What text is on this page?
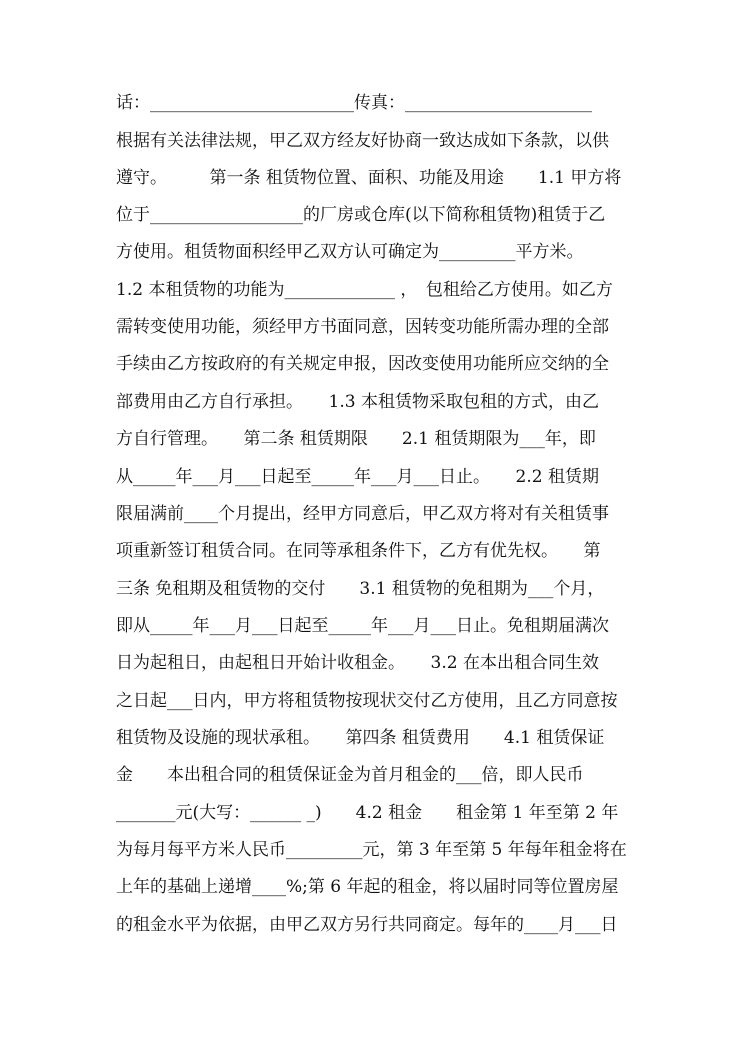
话：________________________传真：______________________
根据有关法律法规，甲乙双方经友好协商一致达成如下条款，以供
遵守。　　　第一条 租赁物位置、面积、功能及用途　　1.1 甲方将
位于__________________的厂房或仓库(以下简称租赁物)租赁于乙
方使用。租赁物面积经甲乙双方认可确定为_________平方米。
1.2 本租赁物的功能为_____________ ，　包租给乙方使用。如乙方
需转变使用功能，须经甲方书面同意，因转变功能所需办理的全部
手续由乙方按政府的有关规定申报，因改变使用功能所应交纳的全
部费用由乙方自行承担。　　1.3 本租赁物采取包租的方式，由乙
方自行管理。　　第二条 租赁期限　　2.1 租赁期限为___年，即
从_____年___月___日起至_____年___月___日止。　　2.2 租赁期
限届满前____个月提出，经甲方同意后，甲乙双方将对有关租赁事
项重新签订租赁合同。在同等承租条件下，乙方有优先权。　　第
三条 免租期及租赁物的交付　　3.1 租赁物的免租期为___个月，
即从_____年___月___日起至_____年___月___日止。免租期届满次
日为起租日，由起租日开始计收租金。　　3.2 在本出租合同生效
之日起___日内，甲方将租赁物按现状交付乙方使用，且乙方同意按
租赁物及设施的现状承租。　　第四条 租赁费用　　4.1 租赁保证
金　　本出租合同的租赁保证金为首月租金的___倍，即人民币
_______元(大写：______ _)　　4.2 租金　　租金第 1 年至第 2 年
为每月每平方米人民币_________元，第 3 年至第 5 年每年租金将在
上年的基础上递增____%;第 6 年起的租金，将以届时同等位置房屋
的租金水平为依据，由甲乙双方另行共同商定。每年的____月___日
